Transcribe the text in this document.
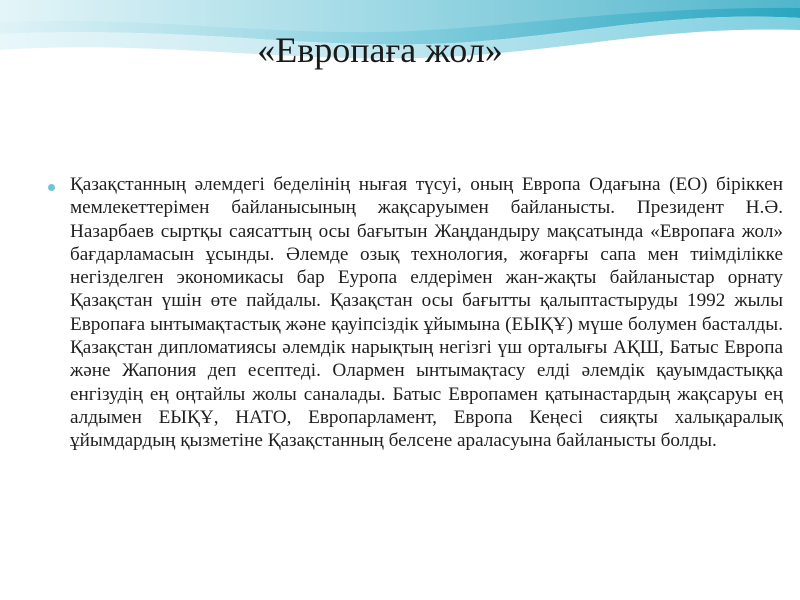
«Европаға жол»

Қазақстанның әлемдегі беделінің нығая түсуі, оның Европа Одағына (ЕО) біріккен мемлекеттерімен байланысының жақсаруымен байланысты. Президент Н.Ә. Назарбаев сыртқы саясаттың осы бағытын Жаңдандыру мақсатында «Европаға жол» бағдарламасын ұсынды. Әлемде озық технология, жоғарғы сапа мен тиімділікке негізделген экономикасы бар Еуропа елдерімен жан-жақты байланыстар орнату Қазақстан үшін өте пайдалы. Қазақстан осы бағытты қалыптастыруды 1992 жылы Европаға ынтымақтастық және қауіпсіздік ұйымына (ЕЫҚҰ) мүше болумен басталды. Қазақстан дипломатиясы әлемдік нарықтың негізгі үш орталығы АҚШ, Батыс Европа және Жапония деп есептеді. Олармен ынтымақтасу елді әлемдік қауымдастыққа енгізудің ең оңтайлы жолы саналады. Батыс Европамен қатынастардың жақсаруы ең алдымен ЕЫҚҰ, НАТО, Европарламент, Европа Кеңесі сияқты халықаралық ұйымдардың қызметіне Қазақстанның белсене араласуына байланысты болды.
